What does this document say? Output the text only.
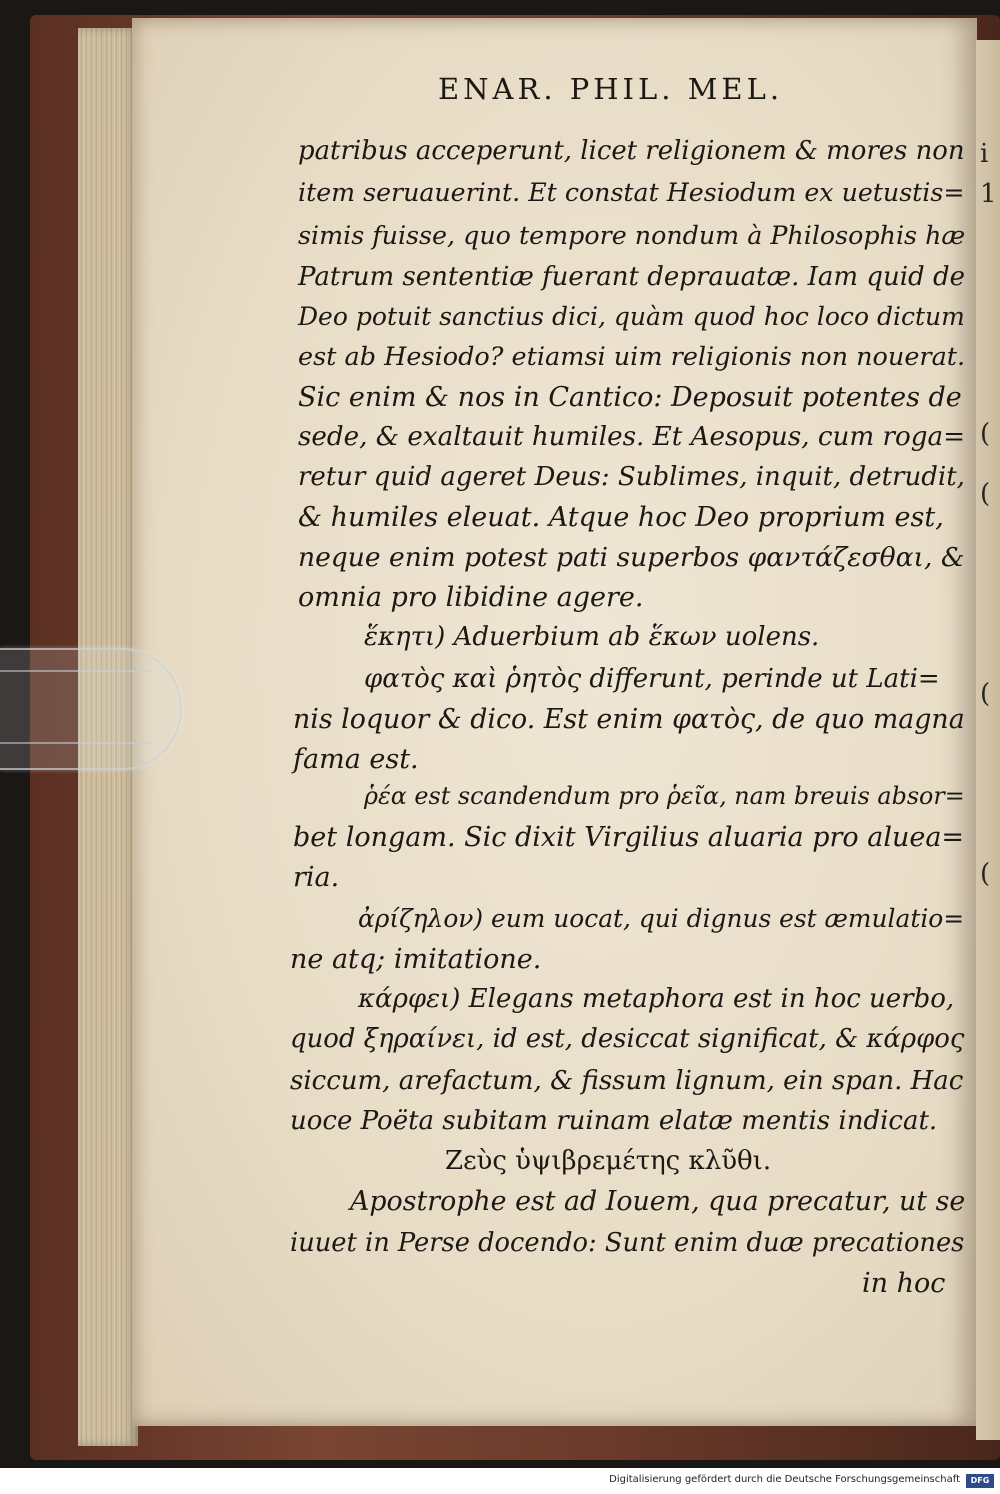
i
1
(
(
(
(
ENAR. PHIL. MEL.
patribus acceperunt, licet religionem & mores non
item seruauerint. Et constat Hesiodum ex uetustis=
simis fuisse, quo tempore nondum à Philosophis hæ
Patrum sententiæ fuerant deprauatæ. Iam quid de
Deo potuit sanctius dici, quàm quod hoc loco dictum
est ab Hesiodo? etiamsi uim religionis non nouerat.
Sic enim & nos in Cantico: Deposuit potentes de
sede, & exaltauit humiles. Et Aesopus, cum roga=
retur quid ageret Deus: Sublimes, inquit, detrudit,
& humiles eleuat. Atque hoc Deo proprium est,
neque enim potest pati superbos φαντάζεσθαι, &
omnia pro libidine agere.
ἕκητι) Aduerbium ab ἕκων uolens.
φατὸς καὶ ῥητὸς differunt, perinde ut Lati=
nis loquor & dico. Est enim φατὸς, de quo magna
fama est.
ῥέα est scandendum pro ῥεῖα, nam breuis absor=
bet longam. Sic dixit Virgilius aluaria pro aluea=
ria.
ἀρίζηλον) eum uocat, qui dignus est æmulatio=
ne atq; imitatione.
κάρφει) Elegans metaphora est in hoc uerbo,
quod ξηραίνει, id est, desiccat significat, & κάρφος
siccum, arefactum, & fissum lignum, ein span. Hac
uoce Poëta subitam ruinam elatæ mentis indicat.
Ζεὺς ὑψιβρεμέτης κλῦθι.
Apostrophe est ad Iouem, qua precatur, ut se
iuuet in Perse docendo: Sunt enim duæ precationes
in hoc
Digitalisierung gefördert durch die Deutsche Forschungsgemeinschaft	DFG
